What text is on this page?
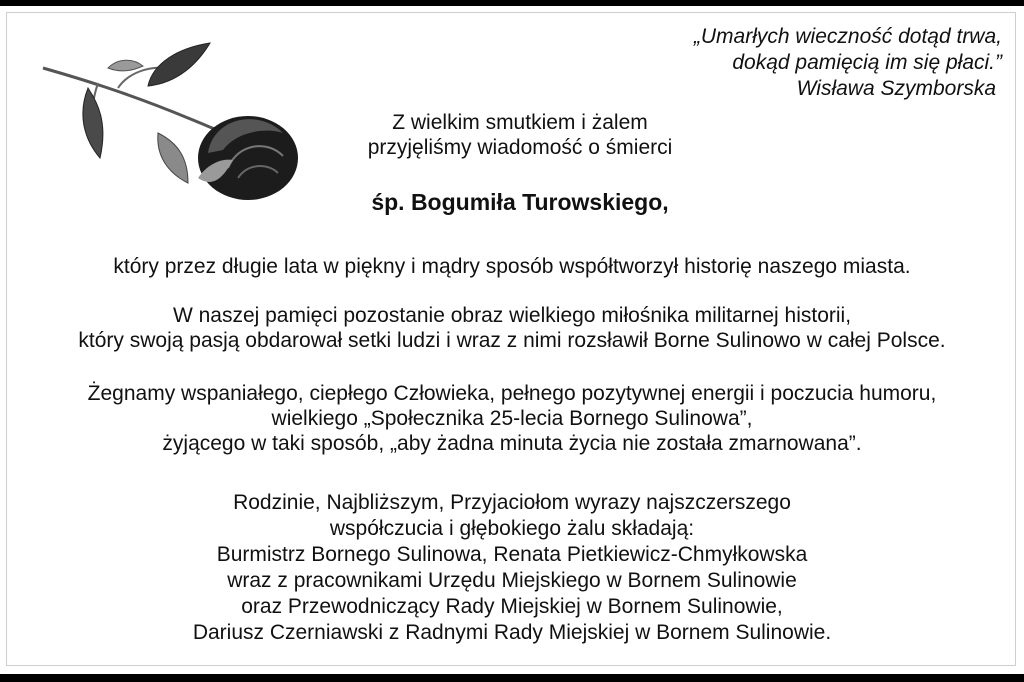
„Umarłych wieczność dotąd trwa,
dokąd pamięcią im się płaci.”
Wisława Szymborska
Z wielkim smutkiem i żalem
przyjęliśmy wiadomość o śmierci
śp. Bogumiła Turowskiego,
który przez długie lata w piękny i mądry sposób współtworzył historię naszego miasta.
W naszej pamięci pozostanie obraz wielkiego miłośnika militarnej historii,
który swoją pasją obdarował setki ludzi i wraz z nimi rozsławił Borne Sulinowo w całej Polsce.
Żegnamy wspaniałego, ciepłego Człowieka, pełnego pozytywnej energii i poczucia humoru,
wielkiego „Społecznika 25-lecia Bornego Sulinowa”,
żyjącego w taki sposób, „aby żadna minuta życia nie została zmarnowana”.
Rodzinie, Najbliższym, Przyjaciołom wyrazy najszczerszego
współczucia i głębokiego żalu składają:
Burmistrz Bornego Sulinowa, Renata Pietkiewicz-Chmyłkowska
wraz z pracownikami Urzędu Miejskiego w Bornem Sulinowie
oraz Przewodniczący Rady Miejskiej w Bornem Sulinowie,
Dariusz Czerniawski z Radnymi Rady Miejskiej w Bornem Sulinowie.
